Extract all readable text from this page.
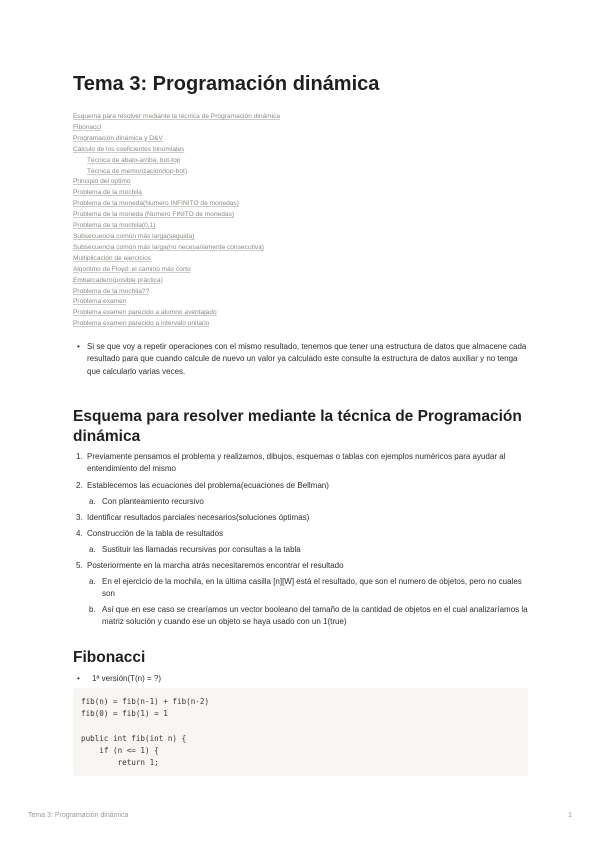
Tema 3: Programación dinámica
Esquema para resolver mediante la técnica de Programación dinámica
Fibonacci
Programación dinámica y D&V
Cálculo de los coeficientes binomiales
Técnica de abajo-arriba, bot-top
Técnica de memorización(top-bot)
Principio del optimo
Problema de la mochila
Problema de la moneda(Numero INFINITO de monedas)
Problema de la moneda (Numero FINITO de monedas)
Problema de la mochila(0,1)
Subsecuencia común más larga(seguida)
Subsecuencia común más larga(no necesariamente consecutiva)
Multiplicación de ejercicios
Algoritmo de Floyd: el camino más corto
Embarcadero(posible práctica)
Problema de la mochila??
Problema examen
Problema examen parecido a alumno aventajado
Problema examen parecido a intervalo unitario
• Si se que voy a repetir operaciones con el mismo resultado, tenemos que tener una estructura de datos que almacene cada resultado para que cuando calcule de nuevo un valor ya calculado este consulte la estructura de datos auxiliar y no tenga que calcularlo varias veces.
Esquema para resolver mediante la técnica de Programación dinámica
1. Previamente pensamos el problema y realizamos, dibujos, esquemas o tablas con ejemplos numéricos para ayudar al entendimiento del mismo
2. Establecemos las ecuaciones del problema(ecuaciones de Bellman)
a. Con planteamiento recursivo
3. Identificar resultados parciales necesarios(soluciones óptimas)
4. Construcción de la tabla de resultados
a. Sustituir las llamadas recursivas por consultas a la tabla
5. Posteriormente en la marcha atrás necesitaremos encontrar el resultado
a. En el ejercicio de la mochila, en la última casilla [n][W] está el resultado, que son el numero de objetos, pero no cuales son
b. Así que en ese caso se crearíamos un vector booleano del tamaño de la cantidad de objetos en el cual analizaríamos la matriz solución y cuando ese un objeto se haya usado con un 1(true)
Fibonacci
• 1ª versión(T(n) = ?)
fib(n) = fib(n-1) + fib(n-2)
fib(0) = fib(1) = 1

public int fib(int n) {
if (n <= 1) {
return 1;
Tema 3: Programación dinámica	1
